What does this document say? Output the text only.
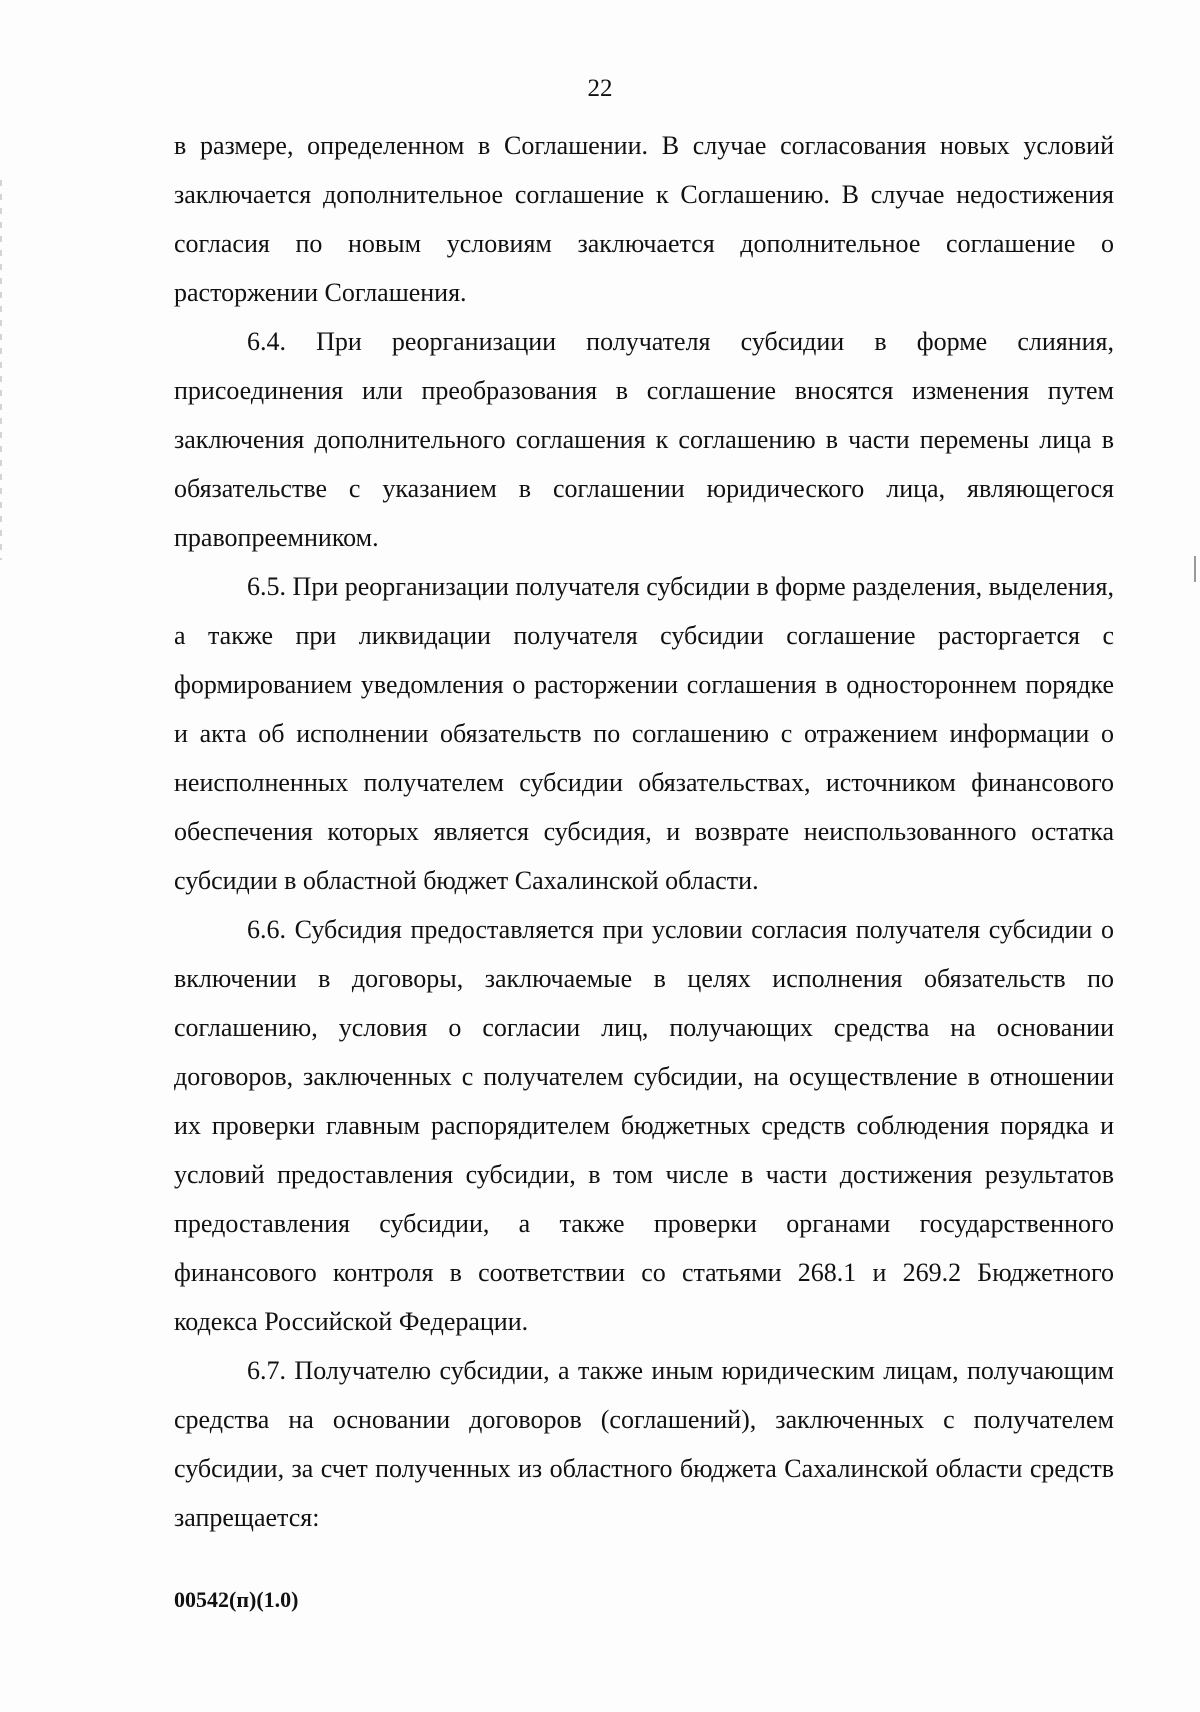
22

в размере, определенном в Соглашении. В случае согласования новых условий заключается дополнительное соглашение к Соглашению. В случае недостижения согласия по новым условиям заключается дополнительное соглашение о расторжении Соглашения.

6.4. При реорганизации получателя субсидии в форме слияния, присоединения или преобразования в соглашение вносятся изменения путем заключения дополнительного соглашения к соглашению в части перемены лица в обязательстве с указанием в соглашении юридического лица, являющегося правопреемником.

6.5. При реорганизации получателя субсидии в форме разделения, выделения, а также при ликвидации получателя субсидии соглашение расторгается с формированием уведомления о расторжении соглашения в одностороннем порядке и акта об исполнении обязательств по соглашению с отражением информации о неисполненных получателем субсидии обязательствах, источником финансового обеспечения которых является субсидия, и возврате неиспользованного остатка субсидии в областной бюджет Сахалинской области.

6.6. Субсидия предоставляется при условии согласия получателя субсидии о включении в договоры, заключаемые в целях исполнения обязательств по соглашению, условия о согласии лиц, получающих средства на основании договоров, заключенных с получателем субсидии, на осуществление в отношении их проверки главным распорядителем бюджетных средств соблюдения порядка и условий предоставления субсидии, в том числе в части достижения результатов предоставления субсидии, а также проверки органами государственного финансового контроля в соответствии со статьями 268.1 и 269.2 Бюджетного кодекса Российской Федерации.

6.7. Получателю субсидии, а также иным юридическим лицам, получающим средства на основании договоров (соглашений), заключенных с получателем субсидии, за счет полученных из областного бюджета Сахалинской области средств запрещается:

00542(п)(1.0)
